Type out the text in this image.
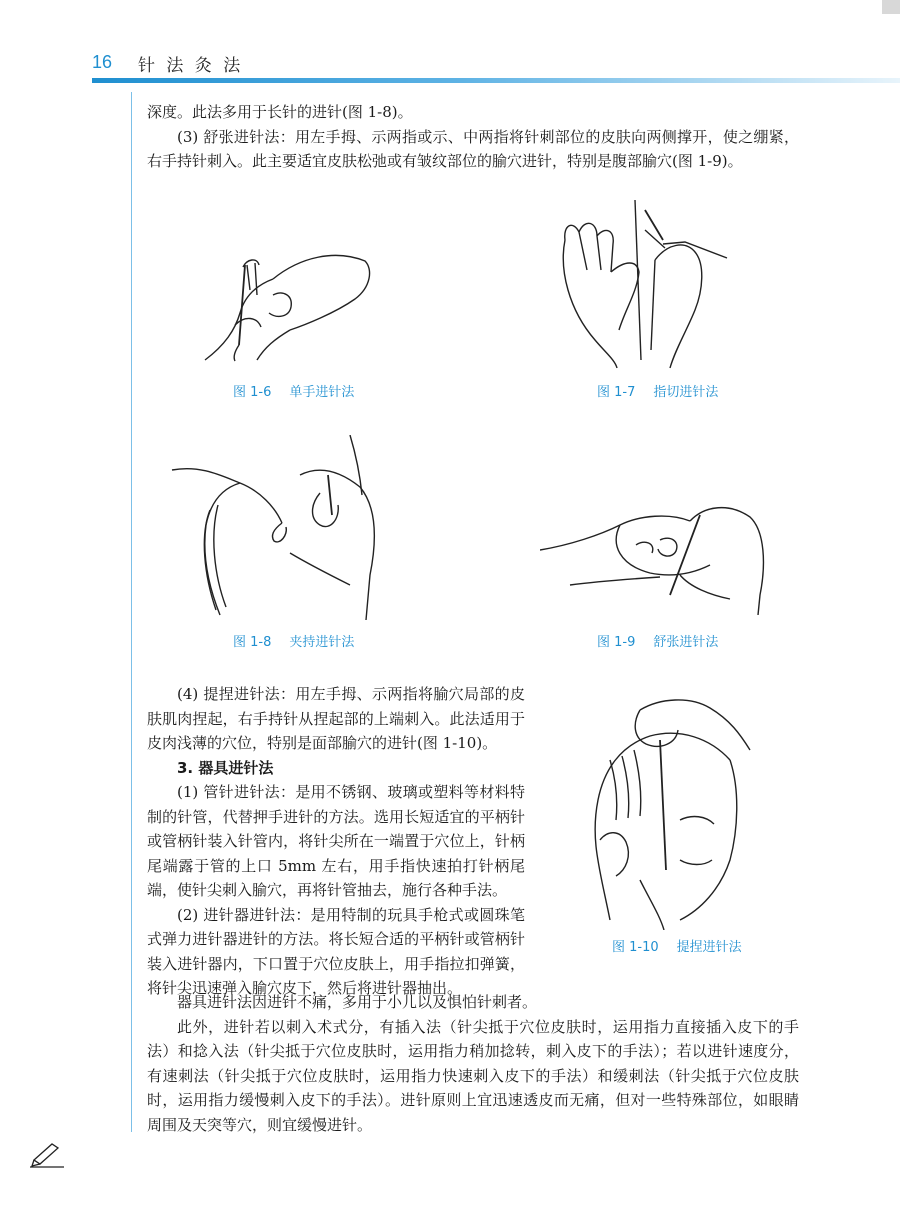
16 针 法 灸 法

深度。此法多用于长针的进针(图 1-8)。

(3) 舒张进针法：用左手拇、示两指或示、中两指将针刺部位的皮肤向两侧撑开，使之绷紧，右手持针刺入。此主要适宜皮肤松弛或有皱纹部位的腧穴进针，特别是腹部腧穴(图 1-9)。

图 1-6 单手进针法	图 1-7 指切进针法
图 1-8 夹持进针法	图 1-9 舒张进针法
图 1-10 提捏进针法

(4) 提捏进针法：用左手拇、示两指将腧穴局部的皮肤肌肉捏起，右手持针从捏起部的上端刺入。此法适用于皮肉浅薄的穴位，特别是面部腧穴的进针(图 1-10)。

3. 器具进针法

(1) 管针进针法：是用不锈钢、玻璃或塑料等材料特制的针管，代替押手进针的方法。选用长短适宜的平柄针或管柄针装入针管内，将针尖所在一端置于穴位上，针柄尾端露于管的上口 5mm 左右，用手指快速拍打针柄尾端，使针尖刺入腧穴，再将针管抽去，施行各种手法。

(2) 进针器进针法：是用特制的玩具手枪式或圆珠笔式弹力进针器进针的方法。将长短合适的平柄针或管柄针装入进针器内，下口置于穴位皮肤上，用手指拉扣弹簧，将针尖迅速弹入腧穴皮下，然后将进针器抽出。

器具进针法因进针不痛，多用于小儿以及惧怕针刺者。

此外，进针若以刺入术式分，有插入法（针尖抵于穴位皮肤时，运用指力直接插入皮下的手法）和捻入法（针尖抵于穴位皮肤时，运用指力稍加捻转，刺入皮下的手法）；若以进针速度分，有速刺法（针尖抵于穴位皮肤时，运用指力快速刺入皮下的手法）和缓刺法（针尖抵于穴位皮肤时，运用指力缓慢刺入皮下的手法）。进针原则上宜迅速透皮而无痛，但对一些特殊部位，如眼睛周围及天突等穴，则宜缓慢进针。
